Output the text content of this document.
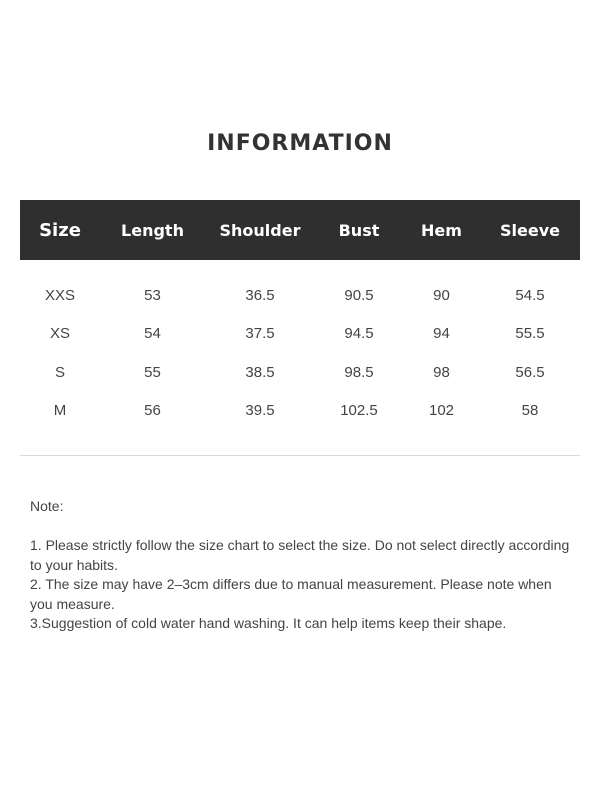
INFORMATION
Size	Length	Shoulder	Bust	Hem	Sleeve

XXS	53	36.5	90.5	90	54.5
XS	54	37.5	94.5	94	55.5
S	55	38.5	98.5	98	56.5
M	56	39.5	102.5	102	58
Note:
1. Please strictly follow the size chart to select the size. Do not select directly according to your habits.
2. The size may have 2–3cm differs due to manual measurement. Please note when you measure.
3.Suggestion of cold water hand washing. It can help items keep their shape.
